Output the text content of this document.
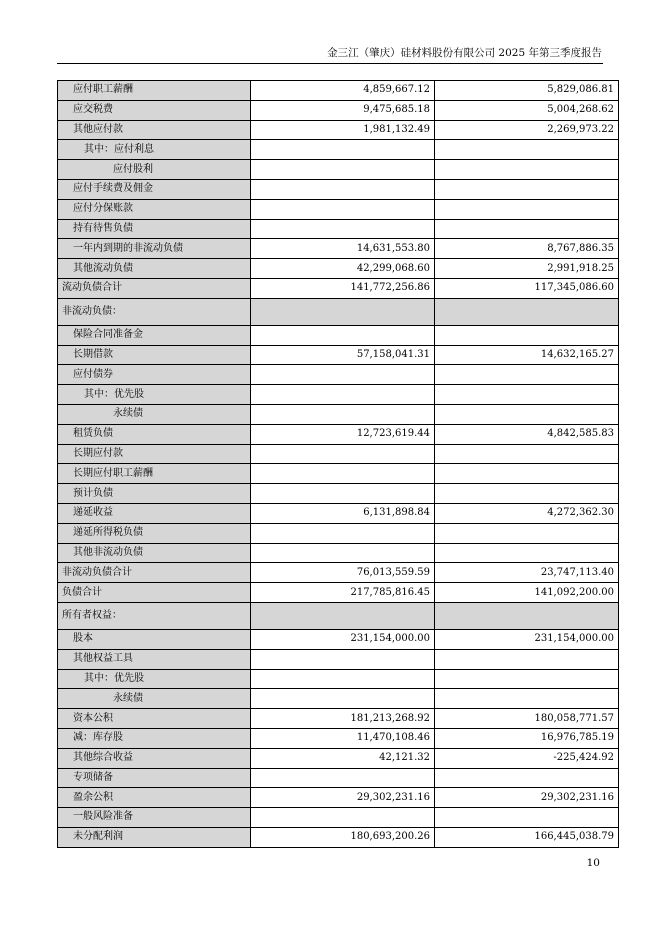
金三江（肇庆）硅材料股份有限公司 2025 年第三季度报告
应付职工薪酬	4,859,667.12	5,829,086.81
应交税费	9,475,685.18	5,004,268.62
其他应付款	1,981,132.49	2,269,973.22
其中：应付利息		
应付股利		
应付手续费及佣金		
应付分保账款		
持有待售负债		
一年内到期的非流动负债	14,631,553.80	8,767,886.35
其他流动负债	42,299,068.60	2,991,918.25
流动负债合计	141,772,256.86	117,345,086.60
非流动负债：		
保险合同准备金		
长期借款	57,158,041.31	14,632,165.27
应付债券		
其中：优先股		
永续债		
租赁负债	12,723,619.44	4,842,585.83
长期应付款		
长期应付职工薪酬		
预计负债		
递延收益	6,131,898.84	4,272,362.30
递延所得税负债		
其他非流动负债		
非流动负债合计	76,013,559.59	23,747,113.40
负债合计	217,785,816.45	141,092,200.00
所有者权益：		
股本	231,154,000.00	231,154,000.00
其他权益工具		
其中：优先股		
永续债		
资本公积	181,213,268.92	180,058,771.57
减：库存股	11,470,108.46	16,976,785.19
其他综合收益	42,121.32	-225,424.92
专项储备		
盈余公积	29,302,231.16	29,302,231.16
一般风险准备		
未分配利润	180,693,200.26	166,445,038.79
10
